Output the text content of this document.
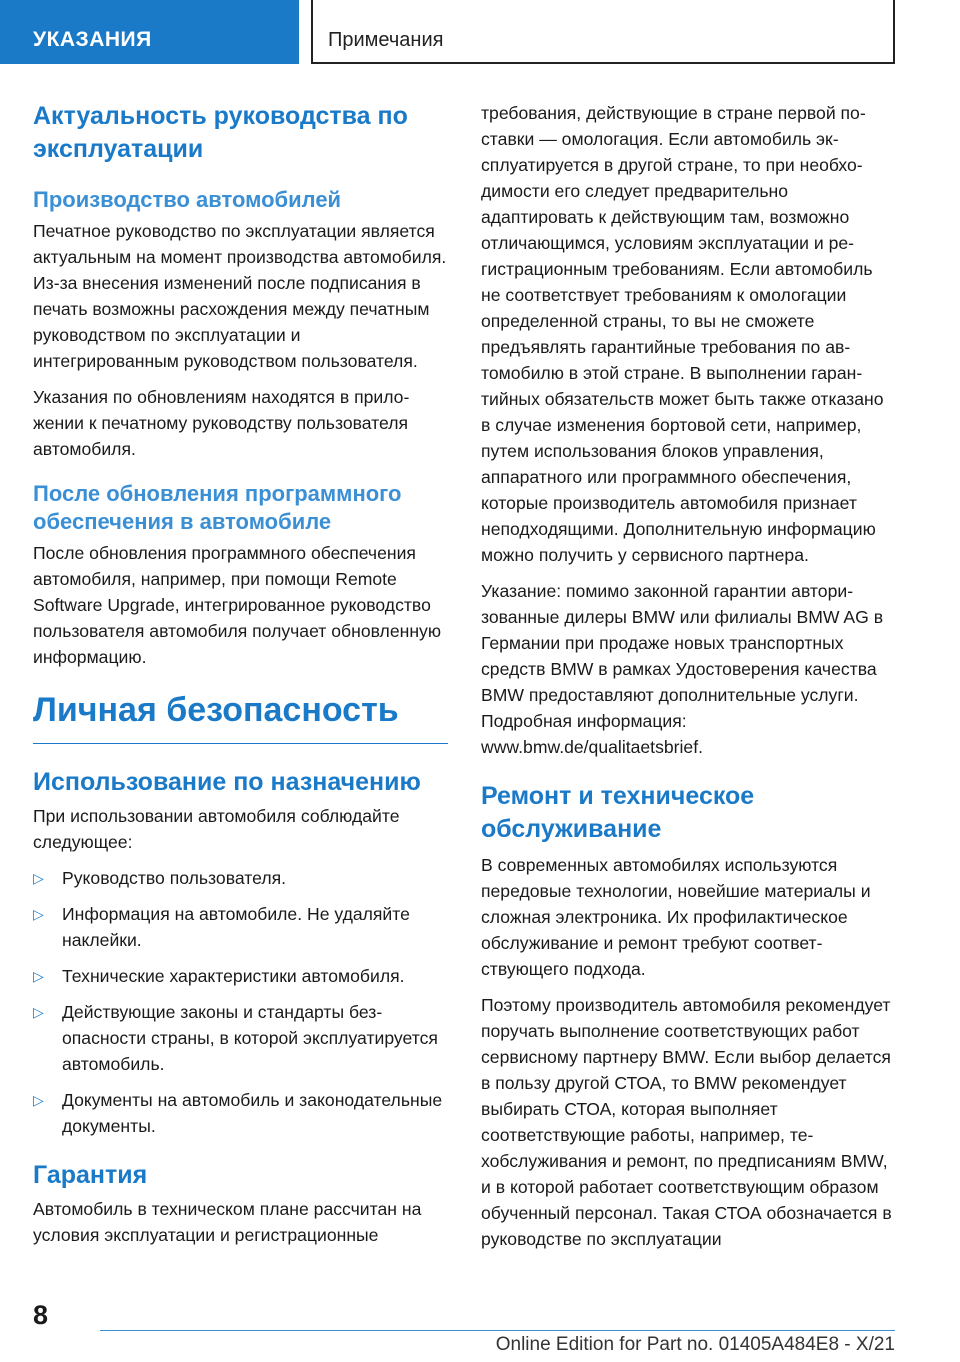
УКАЗАНИЯ	Примечания
Актуальность руководства по эксплуатации
Производство автомобилей

Печатное руководство по эксплуатации является актуальным на момент производства автомобиля. Из-за внесения изменений после подписания в печать возможны расхождения между печатным руководством по эксплуатации и интегрированным руководством пользователя.

Указания по обновлениям находятся в приложении к печатному руководству пользователя автомобиля.

После обновления программного обеспечения в автомобиле

После обновления программного обеспечения автомобиля, например, при помощи Remote Software Upgrade, интегрированное руководство пользователя автомобиля получает обновленную информацию.

Личная безопасность
Использование по назначению

При использовании автомобиля соблюдайте следующее:

▷ Руководство пользователя.
▷ Информация на автомобиле. Не удаляйте наклейки.
▷ Технические характеристики автомобиля.
▷ Действующие законы и стандарты безопасности страны, в которой эксплуатируется автомобиль.
▷ Документы на автомобиль и законодательные документы.
Гарантия

Автомобиль в техническом плане рассчитан на условия эксплуатации и регистрационные

требования, действующие в стране первой поставки — омологация. Если автомобиль эксплуатируется в другой стране, то при необходимости его следует предварительно адаптировать к действующим там, возможно отличающимся, условиям эксплуатации и регистрационным требованиям. Если автомобиль не соответствует требованиям к омологации определенной страны, то вы не сможете предъявлять гарантийные требования по автомобилю в этой стране. В выполнении гарантийных обязательств может быть также отказано в случае изменения бортовой сети, например, путем использования блоков управления, аппаратного или программного обеспечения, которые производитель автомобиля признает неподходящими. Дополнительную информацию можно получить у сервисного партнера.

Указание: помимо законной гарантии авторизованные дилеры BMW или филиалы BMW AG в Германии при продаже новых транспортных средств BMW в рамках Удостоверения качества BMW предоставляют дополнительные услуги. Подробная информация: www.bmw.de/qualitaetsbrief.

Ремонт и техническое обслуживание

В современных автомобилях используются передовые технологии, новейшие материалы и сложная электроника. Их профилактическое обслуживание и ремонт требуют соответствующего подхода.

Поэтому производитель автомобиля рекомендует поручать выполнение соответствующих работ сервисному партнеру BMW. Если выбор делается в пользу другой СТОА, то BMW рекомендует выбирать СТОА, которая выполняет соответствующие работы, например, техобслуживания и ремонт, по предписаниям BMW, и в которой работает соответствующим образом обученный персонал. Такая СТОА обозначается в руководстве по эксплуатации

8
Online Edition for Part no. 01405A484E8 - X/21
